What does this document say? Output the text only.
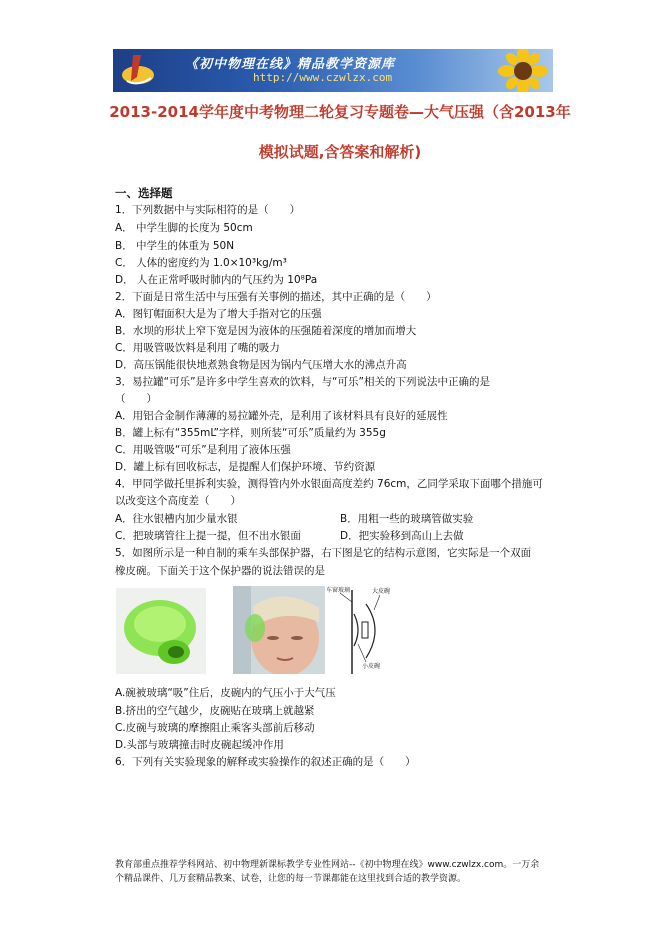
《初中物理在线》精品教学资源库
http://www.czwlzx.com
2013-2014学年度中考物理二轮复习专题卷—大气压强（含2013年
模拟试题,含答案和解析)
一、选择题
1．下列数据中与实际相符的是（　　）
A． 中学生脚的长度为 50cm
B． 中学生的体重为 50N
C． 人体的密度约为 1.0×10³kg/m³
D． 人在正常呼吸时肺内的气压约为 10⁸Pa
2．下面是日常生活中与压强有关事例的描述，其中正确的是（　　）
A．图钉帽面积大是为了增大手指对它的压强
B．水坝的形状上窄下宽是因为液体的压强随着深度的增加而增大
C．用吸管吸饮料是利用了嘴的吸力
D．高压锅能很快地煮熟食物是因为锅内气压增大水的沸点升高
3．易拉罐“可乐”是许多中学生喜欢的饮料，与“可乐”相关的下列说法中正确的是
（　　）
A．用铝合金制作薄薄的易拉罐外壳，是利用了该材料具有良好的延展性
B．罐上标有“355mL”字样，则所装“可乐”质量约为 355g
C．用吸管吸“可乐”是利用了液体压强
D．罐上标有回收标志，是提醒人们保护环境、节约资源
4．甲同学做托里拆利实验，测得管内外水银面高度差约 76cm，乙同学采取下面哪个措施可
以改变这个高度差（　　）
A．往水银槽内加少量水银	B．用粗一些的玻璃管做实验
C．把玻璃管往上提一提，但不出水银面	D．把实验移到高山上去做
5．如图所示是一种自制的乘车头部保护器，右下图是它的结构示意图，它实际是一个双面
橡皮碗。下面关于这个保护器的说法错误的是
车窗玻璃	大皮碗
小皮碗
A.碗被玻璃“吸”住后，皮碗内的气压小于大气压
B.挤出的空气越少，皮碗贴在玻璃上就越紧
C.皮碗与玻璃的摩擦阻止乘客头部前后移动
D.头部与玻璃撞击时皮碗起缓冲作用
6．下列有关实验现象的解释或实验操作的叙述正确的是（　　）
教育部重点推荐学科网站、初中物理新课标教学专业性网站--《初中物理在线》www.czwlzx.com。一万余
个精品课件、几万套精品教案、试卷，让您的每一节课都能在这里找到合适的教学资源。
